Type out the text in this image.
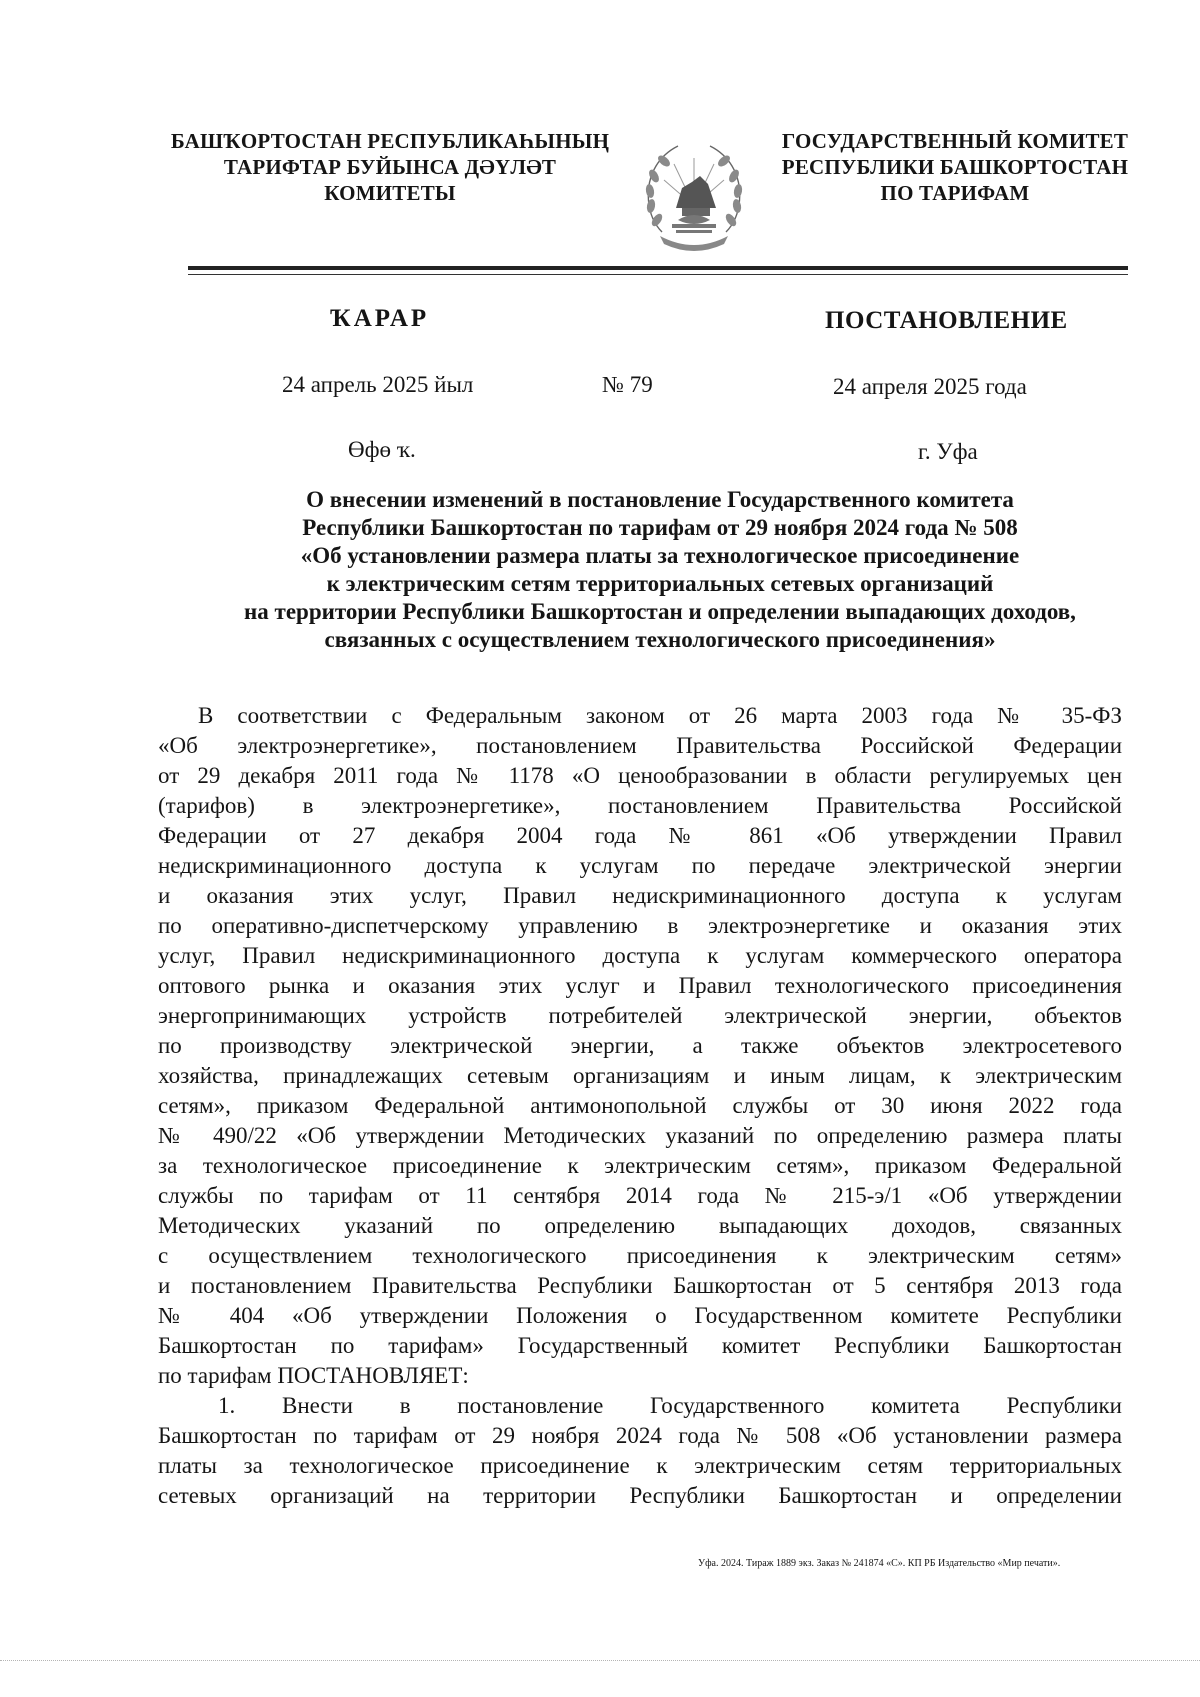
БАШҠОРТОСТАН РЕСПУБЛИКАҺЫНЫҢ
ТАРИФТАР БУЙЫНСА ДӘҮЛӘТ
КОМИТЕТЫ
ГОСУДАРСТВЕННЫЙ КОМИТЕТ
РЕСПУБЛИКИ БАШКОРТОСТАН
ПО ТАРИФАМ
ҠАРАР	ПОСТАНОВЛЕНИЕ
24 апрель 2025 йыл	№ 79	24 апреля 2025 года
Өфө ҡ.	г. Уфа
О внесении изменений в постановление Государственного комитета
Республики Башкортостан по тарифам от 29 ноября 2024 года № 508
«Об установлении размера платы за технологическое присоединение
к электрическим сетям территориальных сетевых организаций
на территории Республики Башкортостан и определении выпадающих доходов,
связанных с осуществлением технологического присоединения»
В соответствии с Федеральным законом от 26 марта 2003 года № 35-ФЗ
«Об электроэнергетике», постановлением Правительства Российской Федерации
от 29 декабря 2011 года № 1178 «О ценообразовании в области регулируемых цен
(тарифов) в электроэнергетике», постановлением Правительства Российской
Федерации от 27 декабря 2004 года № 861 «Об утверждении Правил
недискриминационного доступа к услугам по передаче электрической энергии
и оказания этих услуг, Правил недискриминационного доступа к услугам
по оперативно-диспетчерскому управлению в электроэнергетике и оказания этих
услуг, Правил недискриминационного доступа к услугам коммерческого оператора
оптового рынка и оказания этих услуг и Правил технологического присоединения
энергопринимающих устройств потребителей электрической энергии, объектов
по производству электрической энергии, а также объектов электросетевого
хозяйства, принадлежащих сетевым организациям и иным лицам, к электрическим
сетям», приказом Федеральной антимонопольной службы от 30 июня 2022 года
№ 490/22 «Об утверждении Методических указаний по определению размера платы
за технологическое присоединение к электрическим сетям», приказом Федеральной
службы по тарифам от 11 сентября 2014 года № 215-э/1 «Об утверждении
Методических указаний по определению выпадающих доходов, связанных
с осуществлением технологического присоединения к электрическим сетям»
и постановлением Правительства Республики Башкортостан от 5 сентября 2013 года
№ 404 «Об утверждении Положения о Государственном комитете Республики
Башкортостан по тарифам» Государственный комитет Республики Башкортостан
по тарифам ПОСТАНОВЛЯЕТ:
1. Внести в постановление Государственного комитета Республики
Башкортостан по тарифам от 29 ноября 2024 года № 508 «Об установлении размера
платы за технологическое присоединение к электрическим сетям территориальных
сетевых организаций на территории Республики Башкортостан и определении
Уфа. 2024. Тираж 1889 экз. Заказ № 241874 «С». КП РБ Издательство «Мир печати».
